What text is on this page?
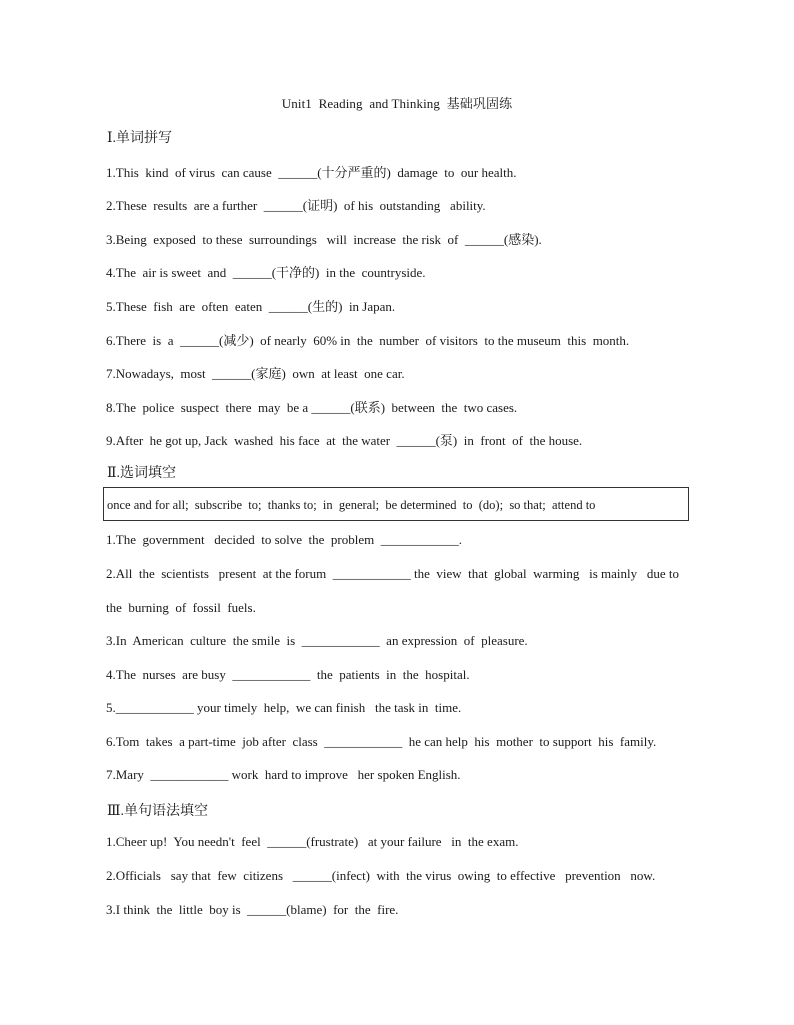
Unit1  Reading  and Thinking  基础巩固练
Ⅰ.单词拼写
1.This  kind  of virus  can cause  ______(十分严重的)  damage  to  our health.
2.These  results  are a further  ______(证明)  of his  outstanding   ability.
3.Being  exposed  to these  surroundings   will  increase  the risk  of  ______(感染).
4.The  air is sweet  and  ______(干净的)  in the  countryside.
5.These  fish  are  often  eaten  ______(生的)  in Japan.
6.There  is  a  ______(减少)  of nearly  60% in  the  number  of visitors  to the museum  this  month.
7.Nowadays,  most  ______(家庭)  own  at least  one car.
8.The  police  suspect  there  may  be a ______(联系)  between  the  two cases.
9.After  he got up, Jack  washed  his face  at  the water  ______(泵)  in  front  of  the house.
Ⅱ.选词填空
once and for all;  subscribe  to;  thanks to;  in  general;  be determined  to  (do);  so that;  attend to
1.The  government   decided  to solve  the  problem  ____________.
2.All  the  scientists   present  at the forum  ____________ the  view  that  global  warming   is mainly   due to
the  burning  of  fossil  fuels.
3.In  American  culture  the smile  is  ____________  an expression  of  pleasure.
4.The  nurses  are busy  ____________  the  patients  in  the  hospital.
5.____________ your timely  help,  we can finish   the task in  time.
6.Tom  takes  a part-time  job after  class  ____________  he can help  his  mother  to support  his  family.
7.Mary  ____________ work  hard to improve   her spoken English.
Ⅲ.单句语法填空
1.Cheer up!  You needn't  feel  ______(frustrate)   at your failure   in  the exam.
2.Officials   say that  few  citizens   ______(infect)  with  the virus  owing  to effective   prevention   now.
3.I think  the  little  boy is  ______(blame)  for  the  fire.
